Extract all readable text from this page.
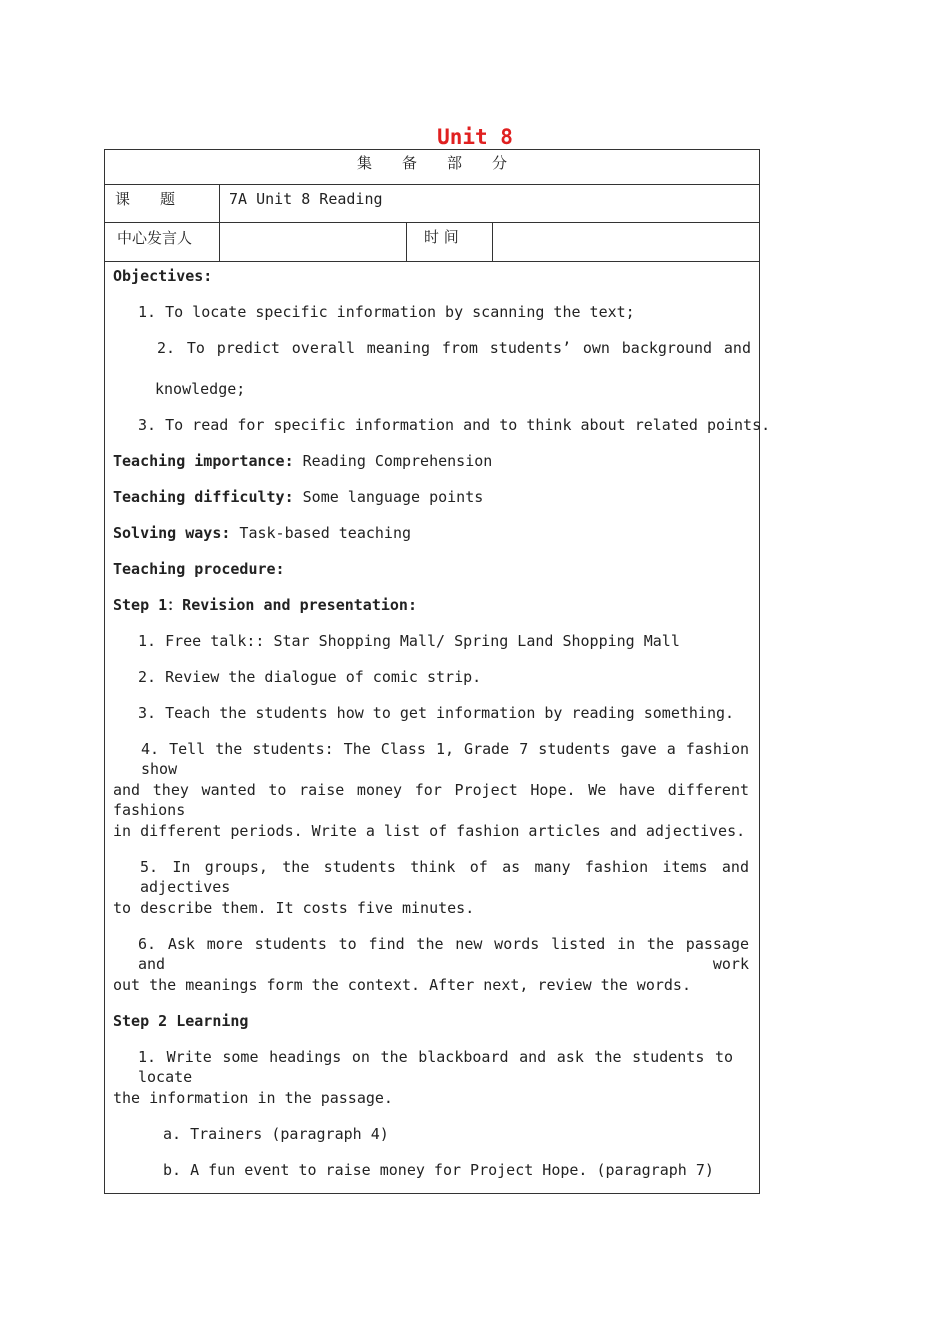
Unit 8
集　　备　　部　　分
课　　题	7A Unit 8 Reading
中心发言人	时 间
Objectives:
1. To locate specific information by scanning the text;
2. To predict overall meaning from students’ own background and
knowledge;
3. To read for specific information and to think about related points.
Teaching importance: Reading Comprehension
Teaching difficulty: Some language points
Solving ways: Task-based teaching
Teaching procedure:
Step 1：Revision and presentation:
1. Free talk:: Star Shopping Mall/ Spring Land Shopping Mall
2. Review the dialogue of comic strip.
3. Teach the students how to get information by reading something.
4. Tell the students: The Class 1, Grade 7 students gave a fashion show
and they wanted to raise money for Project Hope. We have different fashions
in different periods. Write a list of fashion articles and adjectives.
5. In groups, the students think of as many fashion items and adjectives
to describe them. It costs five minutes.
6. Ask more students to find the new words listed in the passage and work
out the meanings form the context. After next, review the words.
Step 2 Learning
1. Write some headings on the blackboard and ask the students to locate
the information in the passage.
a. Trainers (paragraph 4)
b. A fun event to raise money for Project Hope. (paragraph 7)
